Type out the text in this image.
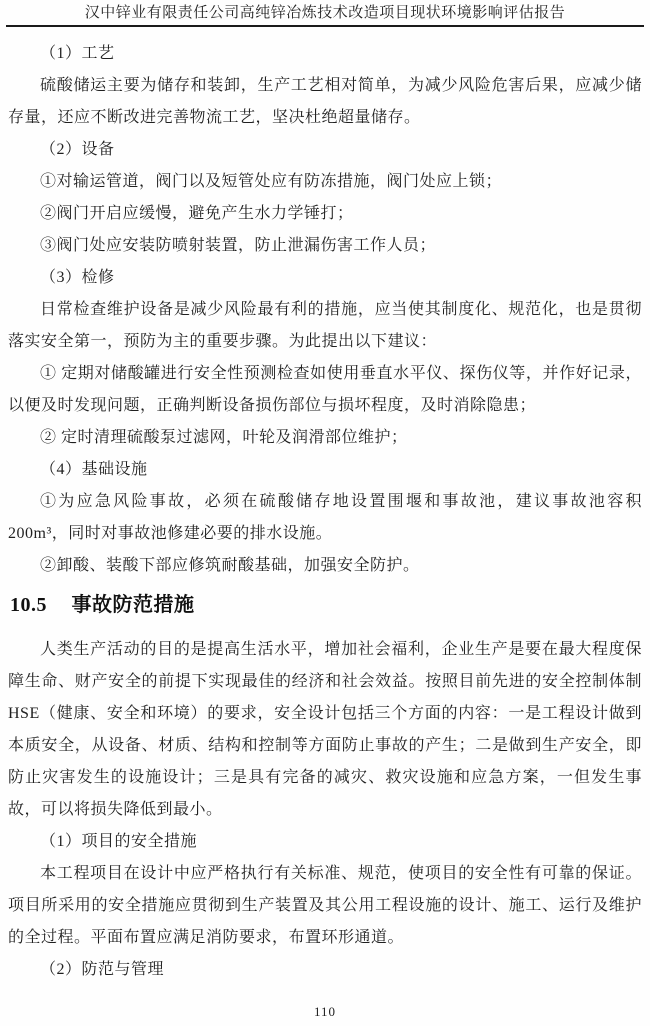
汉中锌业有限责任公司高纯锌冶炼技术改造项目现状环境影响评估报告

（1）工艺

硫酸储运主要为储存和装卸，生产工艺相对简单，为减少风险危害后果，应减少储存量，还应不断改进完善物流工艺，坚决杜绝超量储存。

（2）设备

①对输运管道，阀门以及短管处应有防冻措施，阀门处应上锁；

②阀门开启应缓慢，避免产生水力学锤打；

③阀门处应安装防喷射装置，防止泄漏伤害工作人员；

（3）检修

日常检查维护设备是减少风险最有利的措施，应当使其制度化、规范化，也是贯彻落实安全第一，预防为主的重要步骤。为此提出以下建议：

① 定期对储酸罐进行安全性预测检查如使用垂直水平仪、探伤仪等，并作好记录，以便及时发现问题，正确判断设备损伤部位与损坏程度，及时消除隐患；

② 定时清理硫酸泵过滤网，叶轮及润滑部位维护；

（4）基础设施

①为应急风险事故，必须在硫酸储存地设置围堰和事故池，建议事故池容积 200m³，同时对事故池修建必要的排水设施。

②卸酸、装酸下部应修筑耐酸基础，加强安全防护。

10.5 事故防范措施

人类生产活动的目的是提高生活水平，增加社会福利，企业生产是要在最大程度保障生命、财产安全的前提下实现最佳的经济和社会效益。按照目前先进的安全控制体制HSE（健康、安全和环境）的要求，安全设计包括三个方面的内容：一是工程设计做到本质安全，从设备、材质、结构和控制等方面防止事故的产生；二是做到生产安全，即防止灾害发生的设施设计；三是具有完备的减灾、救灾设施和应急方案，一但发生事故，可以将损失降低到最小。

（1）项目的安全措施

本工程项目在设计中应严格执行有关标准、规范，使项目的安全性有可靠的保证。项目所采用的安全措施应贯彻到生产装置及其公用工程设施的设计、施工、运行及维护的全过程。平面布置应满足消防要求，布置环形通道。

（2）防范与管理

110
